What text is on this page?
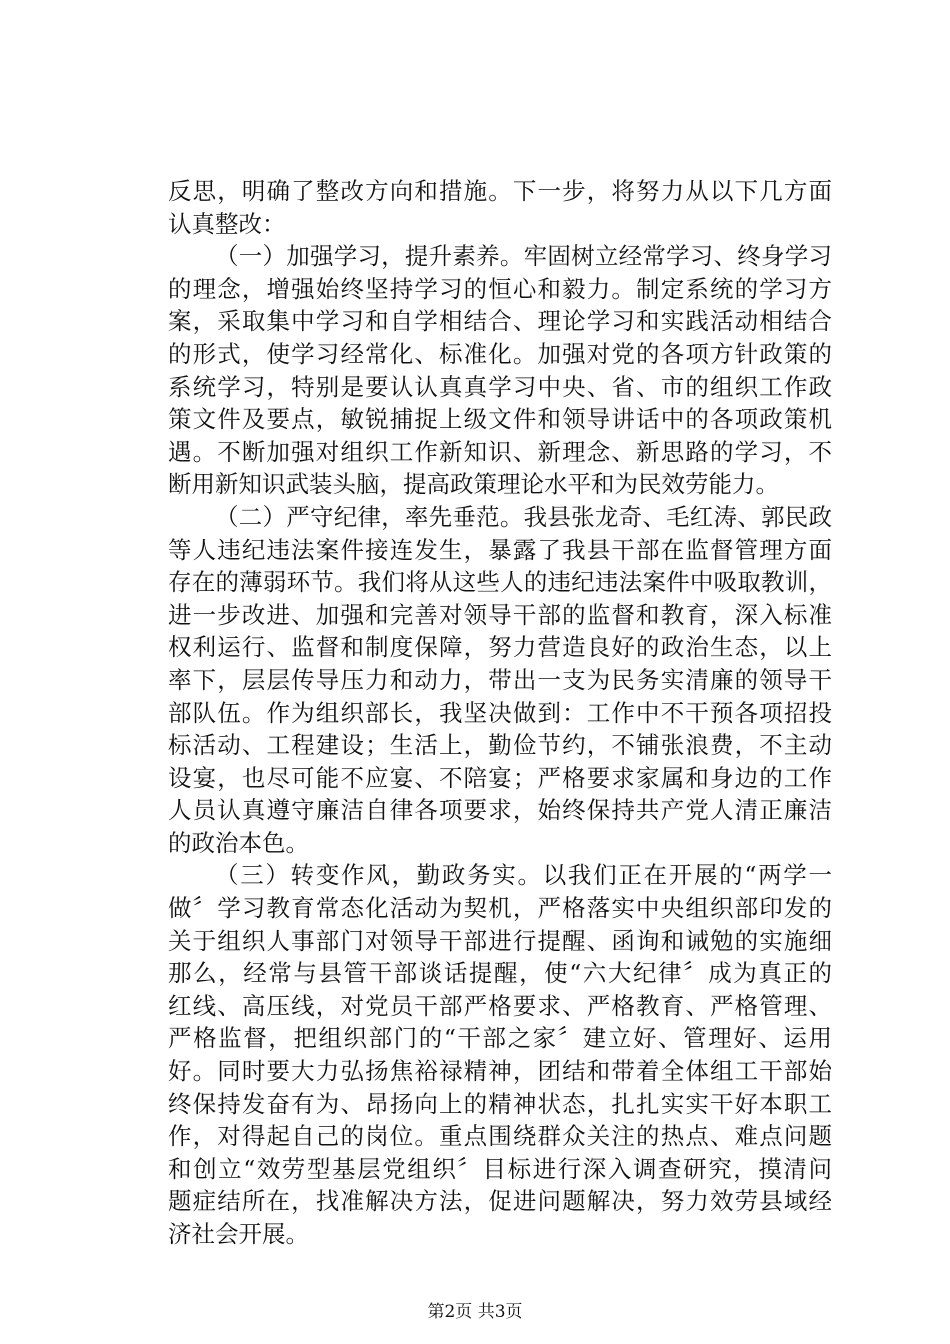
反思，明确了整改方向和措施。下一步，将努力从以下几方面
认真整改：
（一）加强学习，提升素养。牢固树立经常学习、终身学习
的理念，增强始终坚持学习的恒心和毅力。制定系统的学习方
案，采取集中学习和自学相结合、理论学习和实践活动相结合
的形式，使学习经常化、标准化。加强对党的各项方针政策的
系统学习，特别是要认认真真学习中央、省、市的组织工作政
策文件及要点，敏锐捕捉上级文件和领导讲话中的各项政策机
遇。不断加强对组织工作新知识、新理念、新思路的学习，不
断用新知识武装头脑，提高政策理论水平和为民效劳能力。
（二）严守纪律，率先垂范。我县张龙奇、毛红涛、郭民政
等人违纪违法案件接连发生，暴露了我县干部在监督管理方面
存在的薄弱环节。我们将从这些人的违纪违法案件中吸取教训，
进一步改进、加强和完善对领导干部的监督和教育，深入标准
权利运行、监督和制度保障，努力营造良好的政治生态，以上
率下，层层传导压力和动力，带出一支为民务实清廉的领导干
部队伍。作为组织部长，我坚决做到：工作中不干预各项招投
标活动、工程建设；生活上，勤俭节约，不铺张浪费，不主动
设宴，也尽可能不应宴、不陪宴；严格要求家属和身边的工作
人员认真遵守廉洁自律各项要求，始终保持共产党人清正廉洁
的政治本色。
（三）转变作风，勤政务实。以我们正在开展的“两学一
做〞学习教育常态化活动为契机，严格落实中央组织部印发的
关于组织人事部门对领导干部进行提醒、函询和诫勉的实施细
那么，经常与县管干部谈话提醒，使“六大纪律〞成为真正的
红线、高压线，对党员干部严格要求、严格教育、严格管理、
严格监督，把组织部门的“干部之家〞建立好、管理好、运用
好。同时要大力弘扬焦裕禄精神，团结和带着全体组工干部始
终保持发奋有为、昂扬向上的精神状态，扎扎实实干好本职工
作，对得起自己的岗位。重点围绕群众关注的热点、难点问题
和创立“效劳型基层党组织〞目标进行深入调查研究，摸清问
题症结所在，找准解决方法，促进问题解决，努力效劳县域经
济社会开展。
第2页 共3页
